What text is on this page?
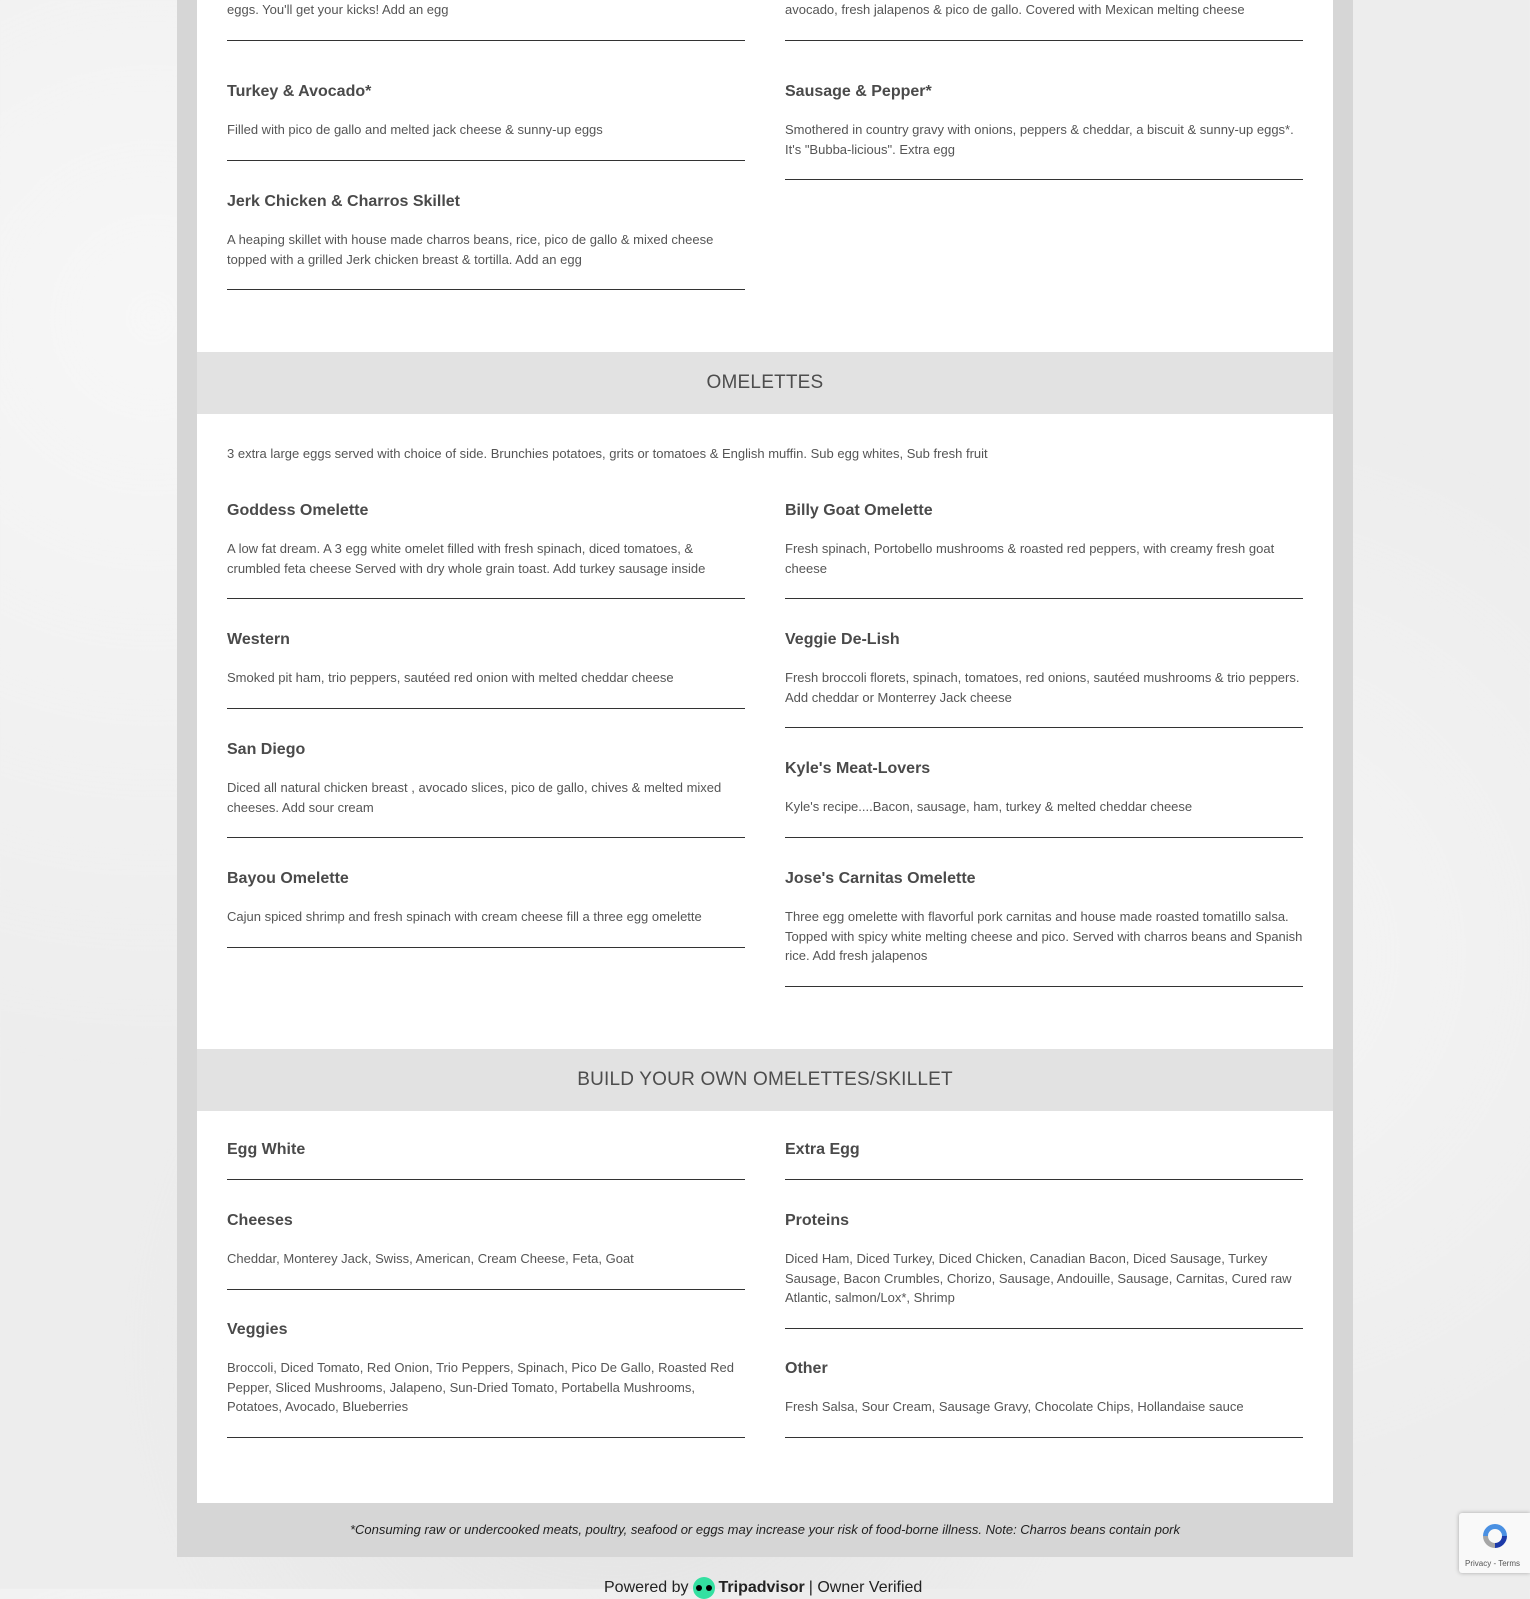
eggs. You'll get your kicks! Add an egg	avocado, fresh jalapenos & pico de gallo. Covered with Mexican melting cheese
Turkey & Avocado*
Filled with pico de gallo and melted jack cheese & sunny-up eggs
Sausage & Pepper*
Smothered in country gravy with onions, peppers & cheddar, a biscuit & sunny-up eggs*. It's "Bubba-licious". Extra egg
Jerk Chicken & Charros Skillet
A heaping skillet with house made charros beans, rice, pico de gallo & mixed cheese topped with a grilled Jerk chicken breast & tortilla. Add an egg
OMELETTES
3 extra large eggs served with choice of side. Brunchies potatoes, grits or tomatoes & English muffin. Sub egg whites, Sub fresh fruit
Goddess Omelette
A low fat dream. A 3 egg white omelet filled with fresh spinach, diced tomatoes, & crumbled feta cheese Served with dry whole grain toast. Add turkey sausage inside
Billy Goat Omelette
Fresh spinach, Portobello mushrooms & roasted red peppers, with creamy fresh goat cheese
Western
Smoked pit ham, trio peppers, sautéed red onion with melted cheddar cheese
Veggie De-Lish
Fresh broccoli florets, spinach, tomatoes, red onions, sautéed mushrooms & trio peppers. Add cheddar or Monterrey Jack cheese
San Diego
Diced all natural chicken breast , avocado slices, pico de gallo, chives & melted mixed cheeses. Add sour cream
Kyle's Meat-Lovers
Kyle's recipe....Bacon, sausage, ham, turkey & melted cheddar cheese
Bayou Omelette
Cajun spiced shrimp and fresh spinach with cream cheese fill a three egg omelette
Jose's Carnitas Omelette
Three egg omelette with flavorful pork carnitas and house made roasted tomatillo salsa. Topped with spicy white melting cheese and pico. Served with charros beans and Spanish rice. Add fresh jalapenos
BUILD YOUR OWN OMELETTES/SKILLET
Egg White	Extra Egg
Cheeses
Cheddar, Monterey Jack, Swiss, American, Cream Cheese, Feta, Goat
Proteins
Diced Ham, Diced Turkey, Diced Chicken, Canadian Bacon, Diced Sausage, Turkey Sausage, Bacon Crumbles, Chorizo, Sausage, Andouille, Sausage, Carnitas, Cured raw Atlantic, salmon/Lox*, Shrimp
Veggies
Broccoli, Diced Tomato, Red Onion, Trio Peppers, Spinach, Pico De Gallo, Roasted Red Pepper, Sliced Mushrooms, Jalapeno, Sun-Dried Tomato, Portabella Mushrooms, Potatoes, Avocado, Blueberries
Other
Fresh Salsa, Sour Cream, Sausage Gravy, Chocolate Chips, Hollandaise sauce
*Consuming raw or undercooked meats, poultry, seafood or eggs may increase your risk of food-borne illness. Note: Charros beans contain pork
Powered by Tripadvisor | Owner Verified
Privacy - Terms
